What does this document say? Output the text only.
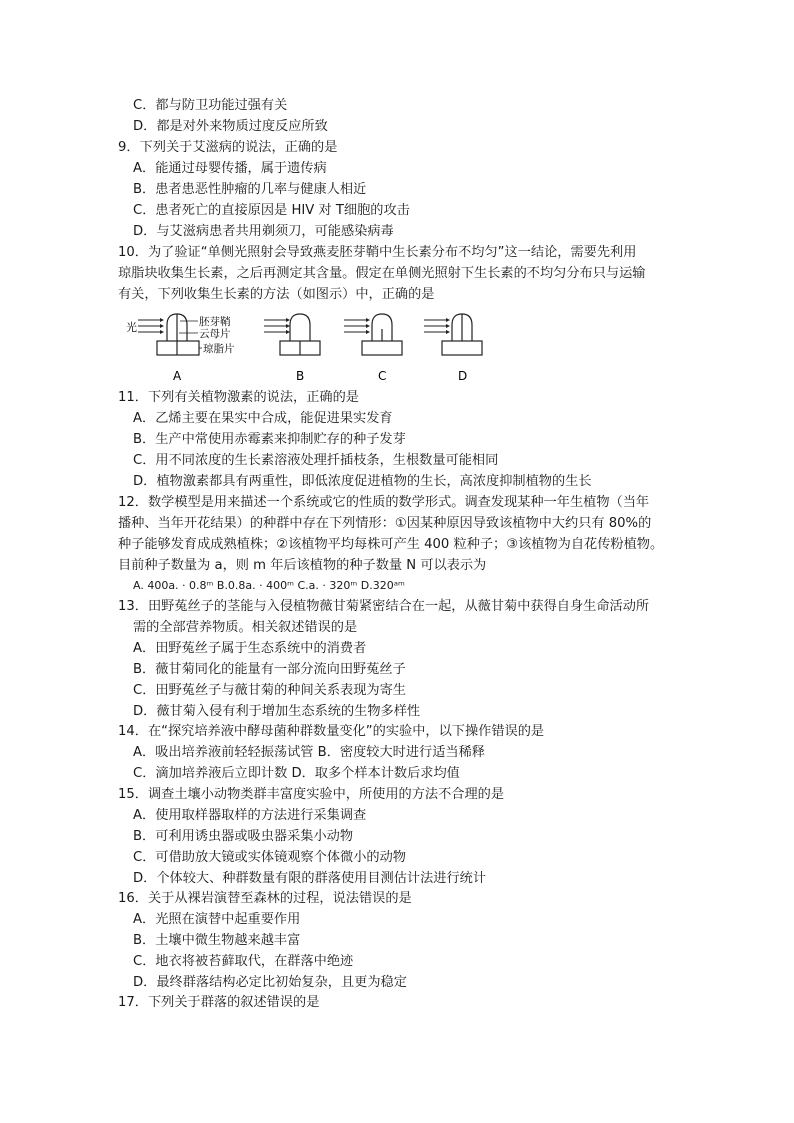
C．都与防卫功能过强有关
D．都是对外来物质过度反应所致
9．下列关于艾滋病的说法，正确的是
A．能通过母婴传播，属于遗传病
B．患者患恶性肿瘤的几率与健康人相近
C．患者死亡的直接原因是 HIV 对 T细胞的攻击
D．与艾滋病患者共用剃须刀，可能感染病毒
10．为了验证“单侧光照射会导致燕麦胚芽鞘中生长素分布不均匀”这一结论，需要先利用
琼脂块收集生长素，之后再测定其含量。假定在单侧光照射下生长素的不均匀分布只与运输
有关，下列收集生长素的方法（如图示）中，正确的是
光	胚芽鞘
云母片
琼脂片
A	B	C	D
11．下列有关植物激素的说法，正确的是
A．乙烯主要在果实中合成，能促进果实发育
B．生产中常使用赤霉素来抑制贮存的种子发芽
C．用不同浓度的生长素溶液处理扦插枝条，生根数量可能相同
D．植物激素都具有两重性，即低浓度促进植物的生长，高浓度抑制植物的生长
12．数学模型是用来描述一个系统或它的性质的数学形式。调查发现某种一年生植物（当年
播种、当年开花结果）的种群中存在下列情形：①因某种原因导致该植物中大约只有 80%的
种子能够发育成成熟植株；②该植物平均每株可产生 400 粒种子；③该植物为自花传粉植物。
目前种子数量为 a，则 m 年后该植物的种子数量 N 可以表示为
A. 400a. · 0.8ᵐ B.0.8a. · 400ᵐ C.a. · 320ᵐ D.320ᵃᵐ
13．田野菟丝子的茎能与入侵植物薇甘菊紧密结合在一起，从薇甘菊中获得自身生命活动所
需的全部营养物质。相关叙述错误的是
A．田野菟丝子属于生态系统中的消费者
B．薇甘菊同化的能量有一部分流向田野菟丝子
C．田野菟丝子与薇甘菊的种间关系表现为寄生
D．薇甘菊入侵有利于增加生态系统的生物多样性
14．在“探究培养液中酵母菌种群数量变化”的实验中，以下操作错误的是
A．吸出培养液前轻轻振荡试管 B．密度较大时进行适当稀释
C．滴加培养液后立即计数 D．取多个样本计数后求均值
15．调查土壤小动物类群丰富度实验中，所使用的方法不合理的是
A．使用取样器取样的方法进行采集调查
B．可利用诱虫器或吸虫器采集小动物
C．可借助放大镜或实体镜观察个体微小的动物
D．个体较大、种群数量有限的群落使用目测估计法进行统计
16．关于从裸岩演替至森林的过程，说法错误的是
A．光照在演替中起重要作用
B．土壤中微生物越来越丰富
C．地衣将被苔藓取代，在群落中绝迹
D．最终群落结构必定比初始复杂，且更为稳定
17．下列关于群落的叙述错误的是
